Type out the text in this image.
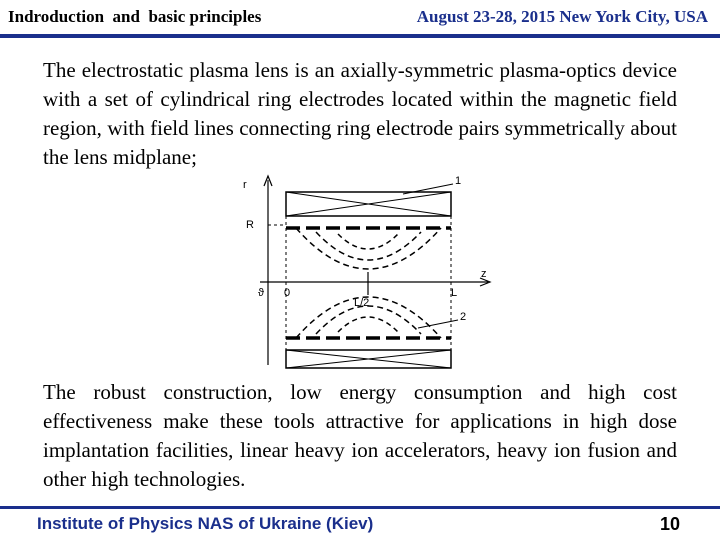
Indroduction  and  basic principles	August 23-28, 2015 New York City, USA
The electrostatic plasma lens is an axially-symmetric plasma-optics device with a set of cylindrical ring electrodes located within the magnetic field region, with field lines connecting ring electrode pairs symmetrically about the lens midplane;
r
R
z
0	L
L/2
1
2
ϑ
The robust construction, low energy consumption and high cost effectiveness make these tools attractive for applications in high dose implantation facilities, linear heavy ion accelerators, heavy ion fusion and other high technologies.
Institute of Physics NAS of Ukraine (Kiev)	10
